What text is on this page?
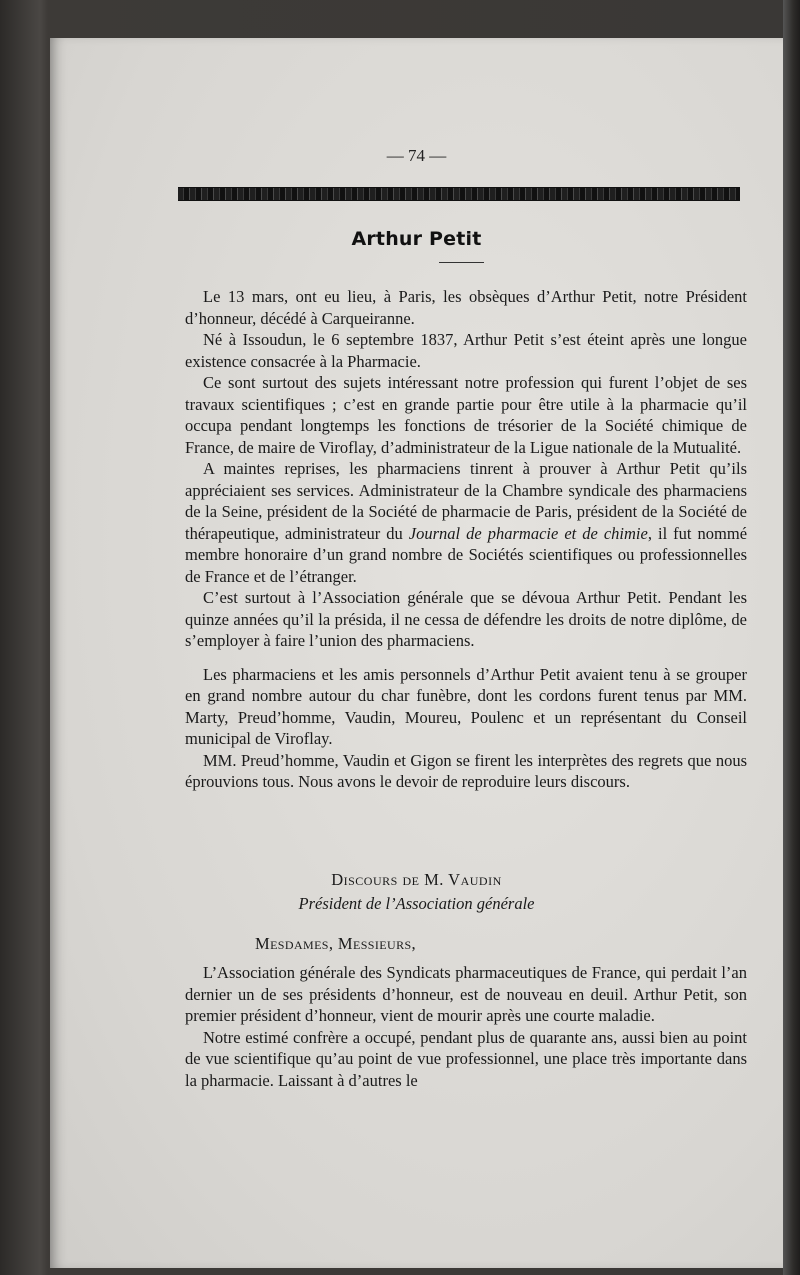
— 74 —
Arthur Petit

Le 13 mars, ont eu lieu, à Paris, les obsèques d’Arthur Petit, notre Président d’honneur, décédé à Carqueiranne.

Né à Issoudun, le 6 septembre 1837, Arthur Petit s’est éteint après une longue existence consacrée à la Pharmacie.

Ce sont surtout des sujets intéressant notre profession qui furent l’objet de ses travaux scientifiques ; c’est en grande partie pour être utile à la pharmacie qu’il occupa pendant longtemps les fonctions de trésorier de la Société chimique de France, de maire de Viroflay, d’administrateur de la Ligue nationale de la Mutualité.

A maintes reprises, les pharmaciens tinrent à prouver à Arthur Petit qu’ils appréciaient ses services. Administrateur de la Chambre syndicale des pharmaciens de la Seine, président de la Société de pharmacie de Paris, président de la Société de thérapeutique, administrateur du Journal de pharmacie et de chimie, il fut nommé membre honoraire d’un grand nombre de Sociétés scientifiques ou professionnelles de France et de l’étranger.

C’est surtout à l’Association générale que se dévoua Arthur Petit. Pendant les quinze années qu’il la présida, il ne cessa de défendre les droits de notre diplôme, de s’employer à faire l’union des pharmaciens.

Les pharmaciens et les amis personnels d’Arthur Petit avaient tenu à se grouper en grand nombre autour du char funèbre, dont les cordons furent tenus par MM. Marty, Preud’homme, Vaudin, Moureu, Poulenc et un représentant du Conseil municipal de Viroflay.

MM. Preud’homme, Vaudin et Gigon se firent les interprètes des regrets que nous éprouvions tous. Nous avons le devoir de reproduire leurs discours.

Discours de M. Vaudin
Président de l’Association générale
Mesdames, Messieurs,

L’Association générale des Syndicats pharmaceutiques de France, qui perdait l’an dernier un de ses présidents d’honneur, est de nouveau en deuil. Arthur Petit, son premier président d’honneur, vient de mourir après une courte maladie.

Notre estimé confrère a occupé, pendant plus de quarante ans, aussi bien au point de vue scientifique qu’au point de vue professionnel, une place très importante dans la pharmacie. Laissant à d’autres le
